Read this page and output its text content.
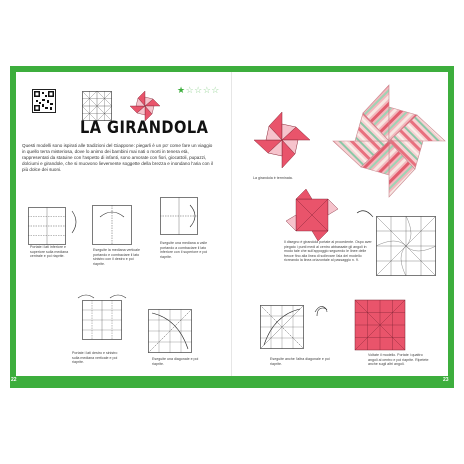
22	23
★☆☆☆☆
LA GIRANDOLA
Questi modelli sono ispirati alle tradizioni del Giappone: piegarli è un po' come fare un viaggio in quello terra misteriosa, dove lo animo dei bambini mai nati o morti in tenera età, rappresentati da statuine con l'aspetto di infanti, sono amorate con fiori, giocattoli, pupazzi, dolciumi e girandole, che si muovono lievemente soggette della brezza e inondano l'aria con il più dolce dei suoni.
Portate i lati inferiore e superiore sulla mediana centrale e poi riaprite.
Eseguite la mediana verticale portando e combaciare il lato sinistro con il destro e poi riaprite.
Eseguite una mediana a valle portando a combaciare il lato inferiore con il superiore e poi riaprite.
Portate i lati destro e sinistro sulla mediana verticale e poi riaprite.
Eseguite una diagonale e poi riaprite.
Eseguite anche l'altra diagonale e poi riaprite.
Voltate il modello. Portate i quattro angoli al centro e poi riaprite. Ripetete anche sugli altri angoli.
Il disegno è girandola portate al procedente. Ospo aver piegato i punti medi al centro abbassate gli angoli in modo tale che sull'appoggio seguendo le linee delle frecce fino alla linea di sollevare l'ala del modello ricreando la linea orizzontale al passaggio n. 9.
La girandola è terminata.
